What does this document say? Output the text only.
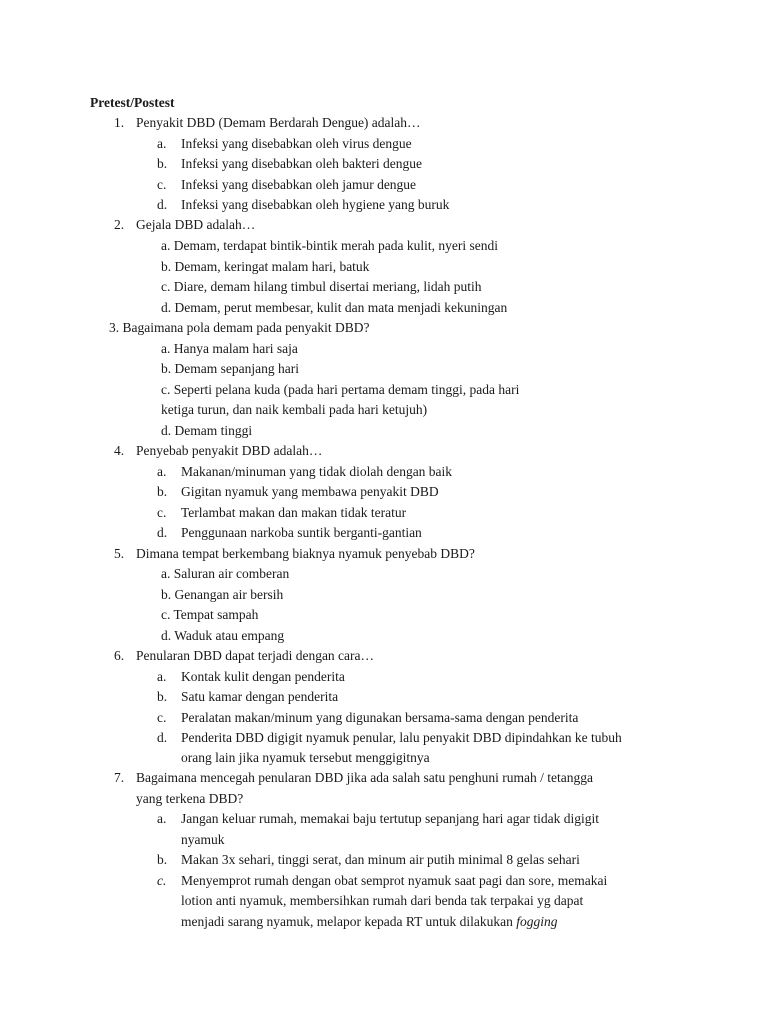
Pretest/Postest
1. Penyakit DBD (Demam Berdarah Dengue) adalah…
a. Infeksi yang disebabkan oleh virus dengue
b. Infeksi yang disebabkan oleh bakteri dengue
c. Infeksi yang disebabkan oleh jamur dengue
d. Infeksi yang disebabkan oleh hygiene yang buruk
2. Gejala DBD adalah…
a. Demam, terdapat bintik-bintik merah pada kulit, nyeri sendi
b. Demam, keringat malam hari, batuk
c. Diare, demam hilang timbul disertai meriang, lidah putih
d. Demam, perut membesar, kulit dan mata menjadi kekuningan
3. Bagaimana pola demam pada penyakit DBD?
a. Hanya malam hari saja
b. Demam sepanjang hari
c. Seperti pelana kuda (pada hari pertama demam tinggi, pada hari
ketiga turun, dan naik kembali pada hari ketujuh)
d. Demam tinggi
4. Penyebab penyakit DBD adalah…
a. Makanan/minuman yang tidak diolah dengan baik
b. Gigitan nyamuk yang membawa penyakit DBD
c. Terlambat makan dan makan tidak teratur
d. Penggunaan narkoba suntik berganti-gantian
5. Dimana tempat berkembang biaknya nyamuk penyebab DBD?
a. Saluran air comberan
b. Genangan air bersih
c. Tempat sampah
d. Waduk atau empang
6. Penularan DBD dapat terjadi dengan cara…
a. Kontak kulit dengan penderita
b. Satu kamar dengan penderita
c. Peralatan makan/minum yang digunakan bersama-sama dengan penderita
d. Penderita DBD digigit nyamuk penular, lalu penyakit DBD dipindahkan ke tubuh
orang lain jika nyamuk tersebut menggigitnya
7. Bagaimana mencegah penularan DBD jika ada salah satu penghuni rumah / tetangga
yang terkena DBD?
a. Jangan keluar rumah, memakai baju tertutup sepanjang hari agar tidak digigit
nyamuk
b. Makan 3x sehari, tinggi serat, dan minum air putih minimal 8 gelas sehari
c. Menyemprot rumah dengan obat semprot nyamuk saat pagi dan sore, memakai
lotion anti nyamuk, membersihkan rumah dari benda tak terpakai yg dapat
menjadi sarang nyamuk, melapor kepada RT untuk dilakukan fogging
